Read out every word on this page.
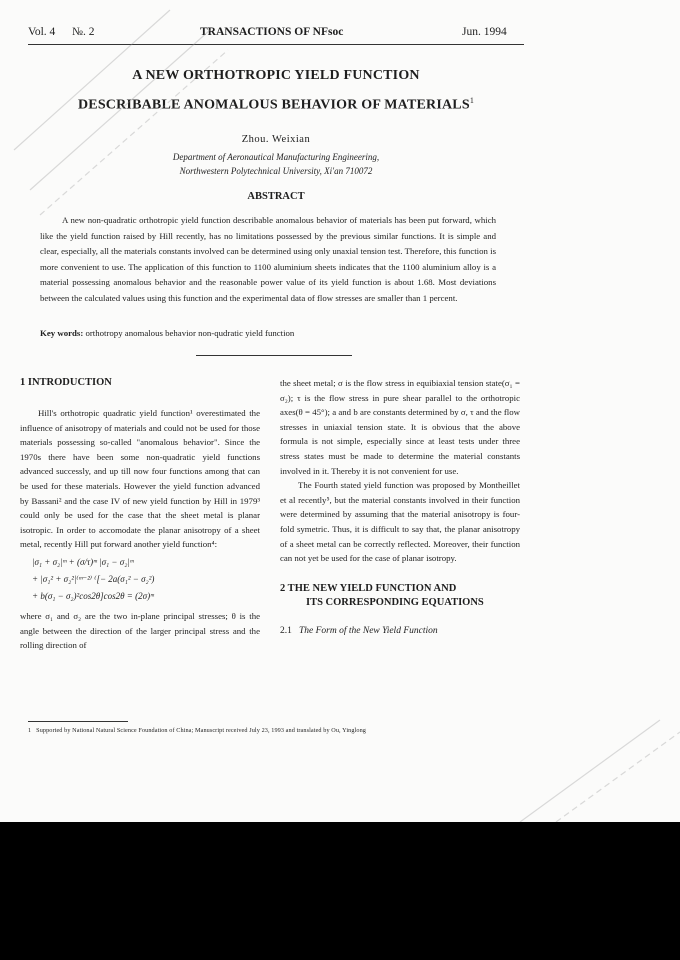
Vol. 4 №. 2	TRANSACTIONS OF NFsoc	Jun. 1994
A NEW ORTHOTROPIC YIELD FUNCTION
DESCRIBABLE ANOMALOUS BEHAVIOR OF MATERIALS$^1$
Zhou. Weixian
Department of Aeronautical Manufacturing Engineering,
Northwestern Polytechnical University, Xi'an 710072
ABSTRACT
A new non-quadratic orthotropic yield function describable anomalous behavior of materials has been put forward, which like the yield function raised by Hill recently, has no limitations possessed by the previous similar functions. It is simple and clear, especially, all the materials constants involved can be determined using only unaxial tension test. Therefore, this function is more convenient to use. The application of this function to 1100 aluminium sheets indicates that the 1100 aluminium alloy is a material possessing anomalous behavior and the reasonable power value of its yield function is about 1.68. Most deviations between the calculated values using this function and the experimental data of flow stresses are smaller than 1 percent.
Key words: orthotropy anomalous behavior non-qudratic yield function

1 INTRODUCTION

Hill's orthotropic quadratic yield function¹ overestimated the influence of anisotropy of materials and could not be used for those materials possessing so-called "anomalous behavior". Since the 1970s there have been some non-quadratic yield functions advanced successly, and up till now four functions among that can be used for these materials. However the yield function advanced by Bassani² and the case IV of new yield function by Hill in 1979³ could only be used for the case that the sheet metal is planar isotropic. In order to accomodate the planar anisotropy of a sheet metal, recently Hill put forward another yield function⁴:

|σ₁ + σ₂|ᵐ + (σ/τ)ᵐ |σ₁ − σ₂|ᵐ
+ |σ₁² + σ₂²|⁽ᵐ⁻²⁾ ⁽[− 2a(σ₁² − σ₂²)
+ b(σ₁ − σ₂)²cos2θ]cos2θ = (2σ)ᵐ

where σ₁ and σ₂ are the two in-plane principal stresses; θ is the angle between the direction of the larger principal stress and the rolling direction of

the sheet metal; σ is the flow stress in equibiaxial tension state(σ₁ = σ₂); τ is the flow stress in pure shear parallel to the orthotropic axes(θ = 45°); a and b are constants determined by σ, τ and the flow stresses in uniaxial tension state. It is obvious that the above formula is not simple, especially since at least tests under three stress states must be made to determine the material constants involved in it. Thereby it is not convenient for use.

The Fourth stated yield function was proposed by Montheillet et al recently⁵, but the material constants involved in their function were determined by assuming that the material anisotropy is four-fold symetric. Thus, it is difficult to say that, the planar anisotropy of a sheet metal can be correctly reflected. Moreover, their function can not yet be used for the case of planar isotropy.

2 THE NEW YIELD FUNCTION AND

ITS CORRESPONDING EQUATIONS

2.1 The Form of the New Yield Function

1 Supported by National Natural Science Foundation of China; Manuscript received July 23, 1993 and translated by Ou, Yinglong
